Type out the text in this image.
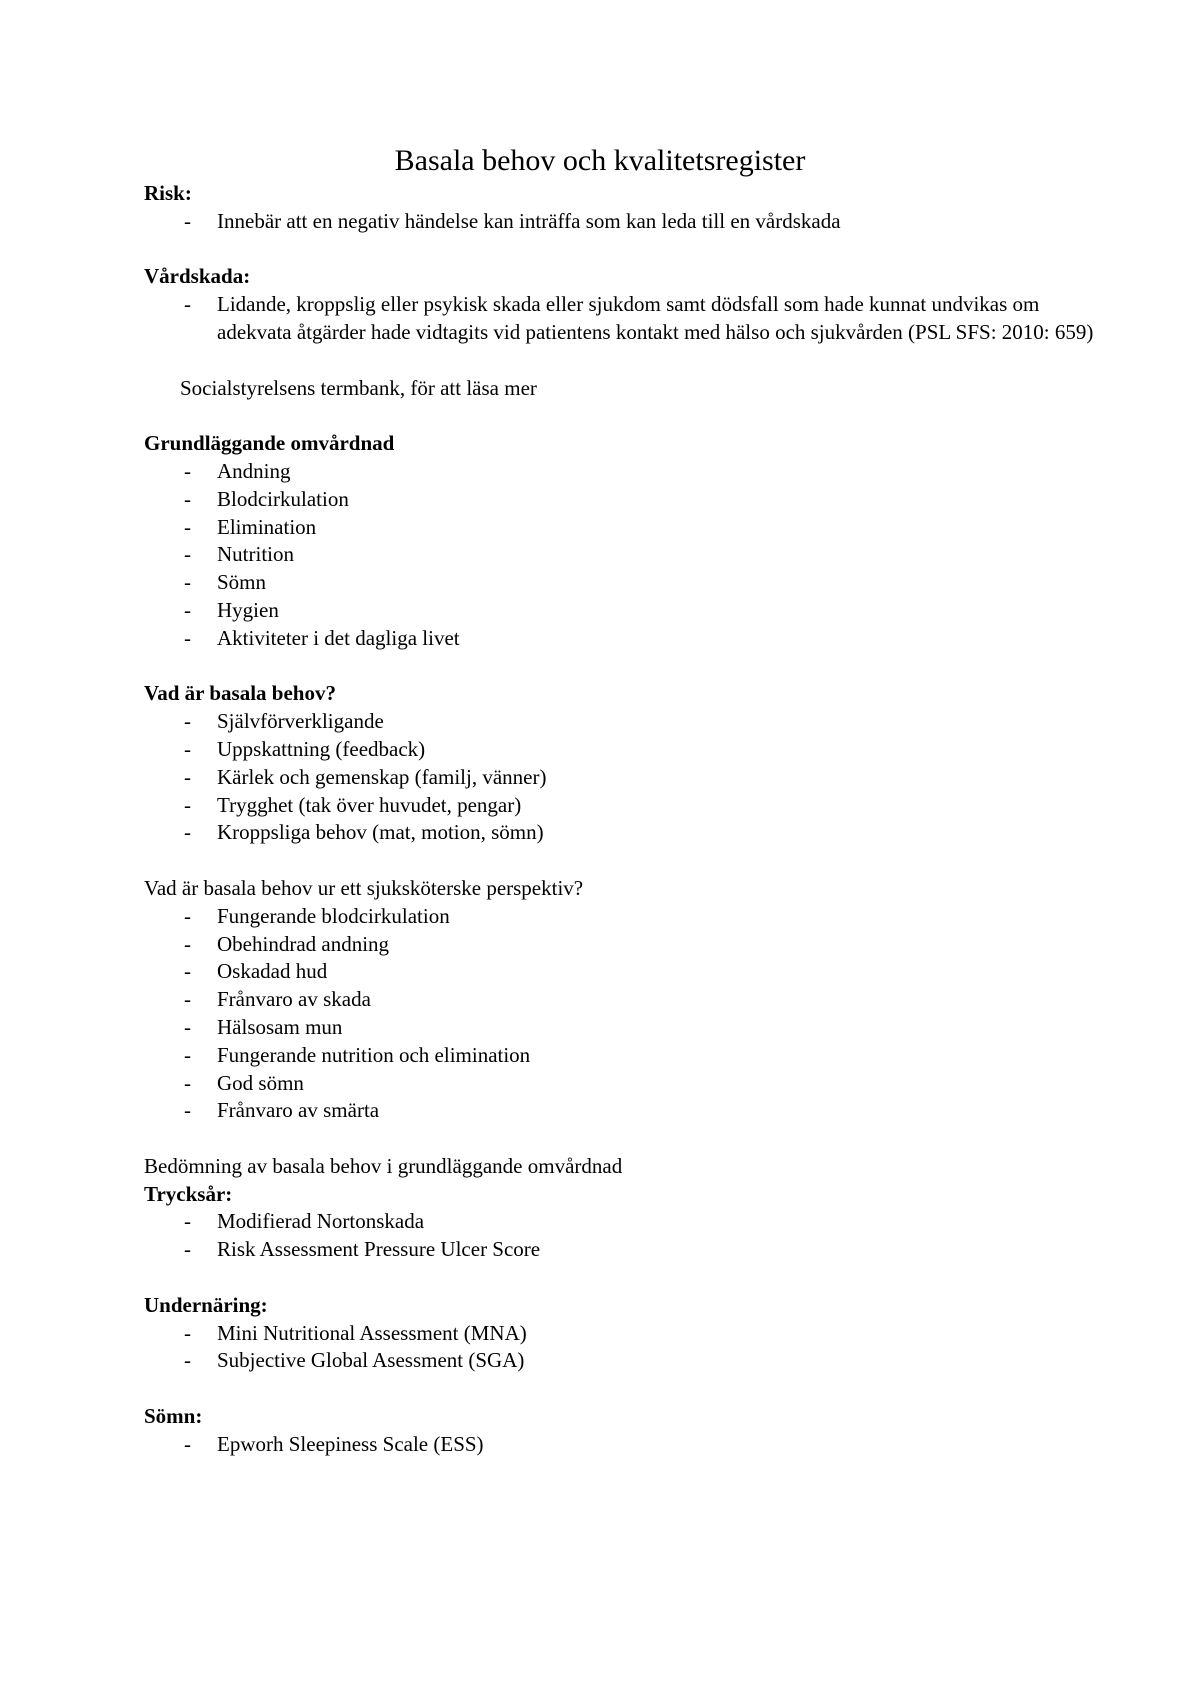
Basala behov och kvalitetsregister

Risk:

- Innebär att en negativ händelse kan inträffa som kan leda till en vårdskada

Vårdskada:

- Lidande, kroppslig eller psykisk skada eller sjukdom samt dödsfall som hade kunnat undvikas om adekvata åtgärder hade vidtagits vid patientens kontakt med hälso och sjukvården (PSL SFS: 2010: 659)

Socialstyrelsens termbank, för att läsa mer

Grundläggande omvårdnad

- Andning
- Blodcirkulation
- Elimination
- Nutrition
- Sömn
- Hygien
- Aktiviteter i det dagliga livet

Vad är basala behov?

- Självförverkligande
- Uppskattning (feedback)
- Kärlek och gemenskap (familj, vänner)
- Trygghet (tak över huvudet, pengar)
- Kroppsliga behov (mat, motion, sömn)

Vad är basala behov ur ett sjuksköterske perspektiv?

- Fungerande blodcirkulation
- Obehindrad andning
- Oskadad hud
- Frånvaro av skada
- Hälsosam mun
- Fungerande nutrition och elimination
- God sömn
- Frånvaro av smärta

Bedömning av basala behov i grundläggande omvårdnad

Trycksår:

- Modifierad Nortonskada
- Risk Assessment Pressure Ulcer Score

Undernäring:

- Mini Nutritional Assessment (MNA)
- Subjective Global Asessment (SGA)

Sömn:

- Epworh Sleepiness Scale (ESS)
